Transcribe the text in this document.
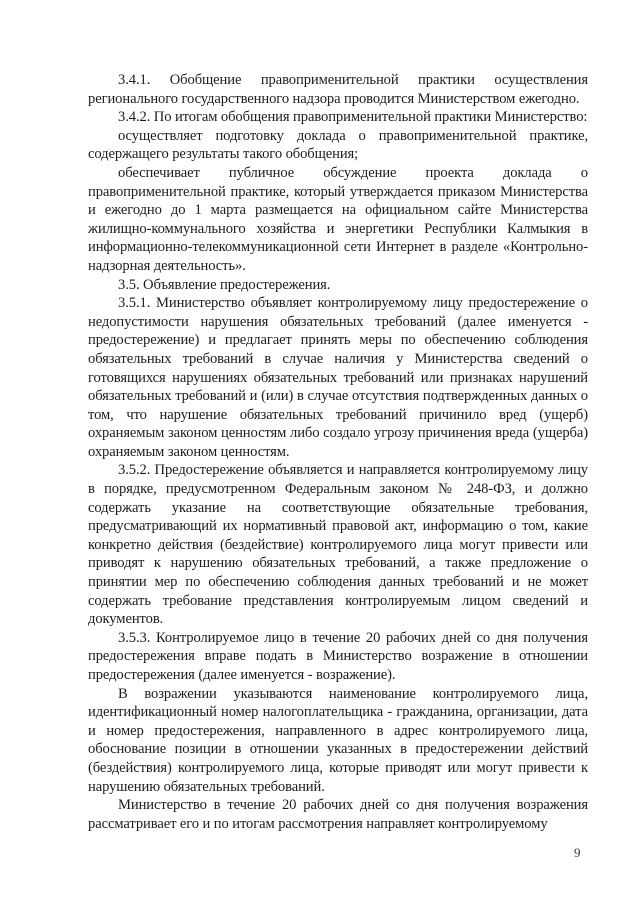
3.4.1. Обобщение правоприменительной практики осуществления регионального государственного надзора проводится Министерством ежегодно.

3.4.2. По итогам обобщения правоприменительной практики Министерство:

осуществляет подготовку доклада о правоприменительной практике, содержащего результаты такого обобщения;

обеспечивает публичное обсуждение проекта доклада о правоприменительной практике, который утверждается приказом Министерства и ежегодно до 1 марта размещается на официальном сайте Министерства жилищно-коммунального хозяйства и энергетики Республики Калмыкия в информационно-телекоммуникационной сети Интернет в разделе «Контрольно-надзорная деятельность».

3.5. Объявление предостережения.

3.5.1. Министерство объявляет контролируемому лицу предостережение о недопустимости нарушения обязательных требований (далее именуется - предостережение) и предлагает принять меры по обеспечению соблюдения обязательных требований в случае наличия у Министерства сведений о готовящихся нарушениях обязательных требований или признаках нарушений обязательных требований и (или) в случае отсутствия подтвержденных данных о том, что нарушение обязательных требований причинило вред (ущерб) охраняемым законом ценностям либо создало угрозу причинения вреда (ущерба) охраняемым законом ценностям.

3.5.2. Предостережение объявляется и направляется контролируемому лицу в порядке, предусмотренном Федеральным законом № 248-ФЗ, и должно содержать указание на соответствующие обязательные требования, предусматривающий их нормативный правовой акт, информацию о том, какие конкретно действия (бездействие) контролируемого лица могут привести или приводят к нарушению обязательных требований, а также предложение о принятии мер по обеспечению соблюдения данных требований и не может содержать требование представления контролируемым лицом сведений и документов.

3.5.3. Контролируемое лицо в течение 20 рабочих дней со дня получения предостережения вправе подать в Министерство возражение в отношении предостережения (далее именуется - возражение).

В возражении указываются наименование контролируемого лица, идентификационный номер налогоплательщика - гражданина, организации, дата и номер предостережения, направленного в адрес контролируемого лица, обоснование позиции в отношении указанных в предостережении действий (бездействия) контролируемого лица, которые приводят или могут привести к нарушению обязательных требований.

Министерство в течение 20 рабочих дней со дня получения возражения рассматривает его и по итогам рассмотрения направляет контролируемому

9
